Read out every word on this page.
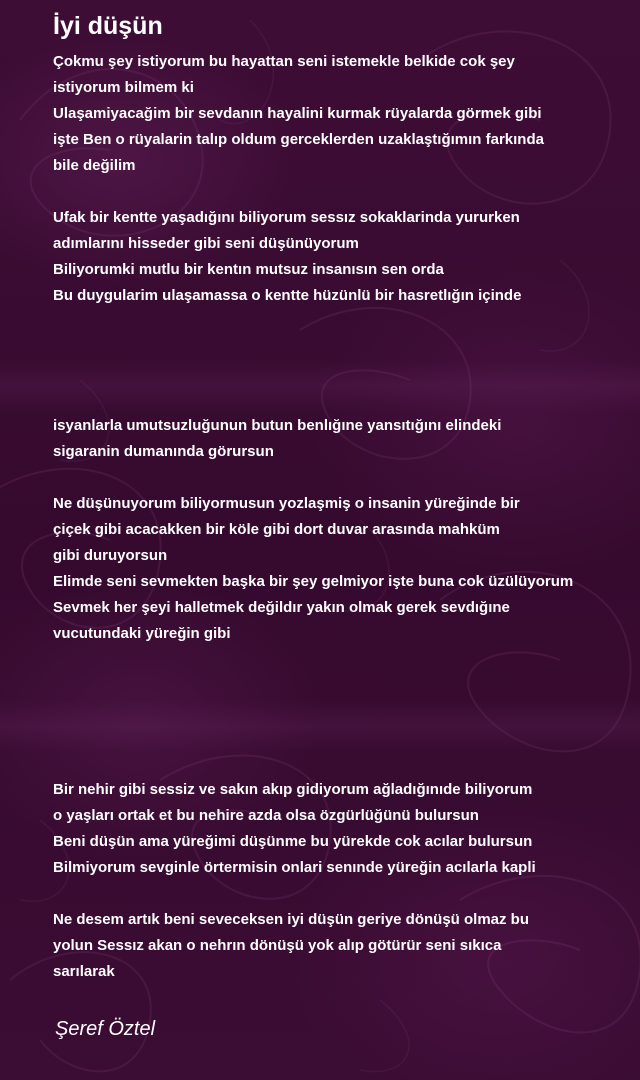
İyi düşün
Çokmu şey istiyorum bu hayattan seni istemekle belkide cok şey
istiyorum bilmem ki
Ulaşamiyacağim bir sevdanın hayalini kurmak rüyalarda görmek gibi
işte Ben o rüyalarin talıp oldum gerceklerden uzaklaştığımın farkında
bile değilim
Ufak bir kentte yaşadığını biliyorum sessız sokaklarinda yururken
adımlarını hisseder gibi seni düşünüyorum
Biliyorumki mutlu bir kentın mutsuz insanısın sen orda
Bu duygularim ulaşamassa o kentte hüzünlü bir hasretlığın içinde
isyanlarla umutsuzluğunun butun benlığıne yansıtığını elindeki
sigaranin dumanında görursun
Ne düşünuyorum biliyormusun yozlaşmiş o insanin yüreğinde bir
çiçek gibi acacakken bir köle gibi dort duvar arasında mahküm
gibi duruyorsun
Elimde seni sevmekten başka bir şey gelmiyor işte buna cok üzülüyorum
Sevmek her şeyi halletmek değildır yakın olmak gerek sevdığıne
vucutundaki yüreğin gibi
Bir nehir gibi sessiz ve sakın akıp gidiyorum ağladığınıde biliyorum
o yaşları ortak et bu nehire azda olsa özgürlüğünü bulursun
Beni düşün ama yüreğimi düşünme bu yürekde cok acılar bulursun
Bilmiyorum sevginle örtermisin onlari senınde yüreğin acılarla kapli
Ne desem artık beni seveceksen iyi düşün geriye dönüşü olmaz bu
yolun Sessız akan o nehrın dönüşü yok alıp götürür seni sıkıca
sarılarak
Şeref Öztel
